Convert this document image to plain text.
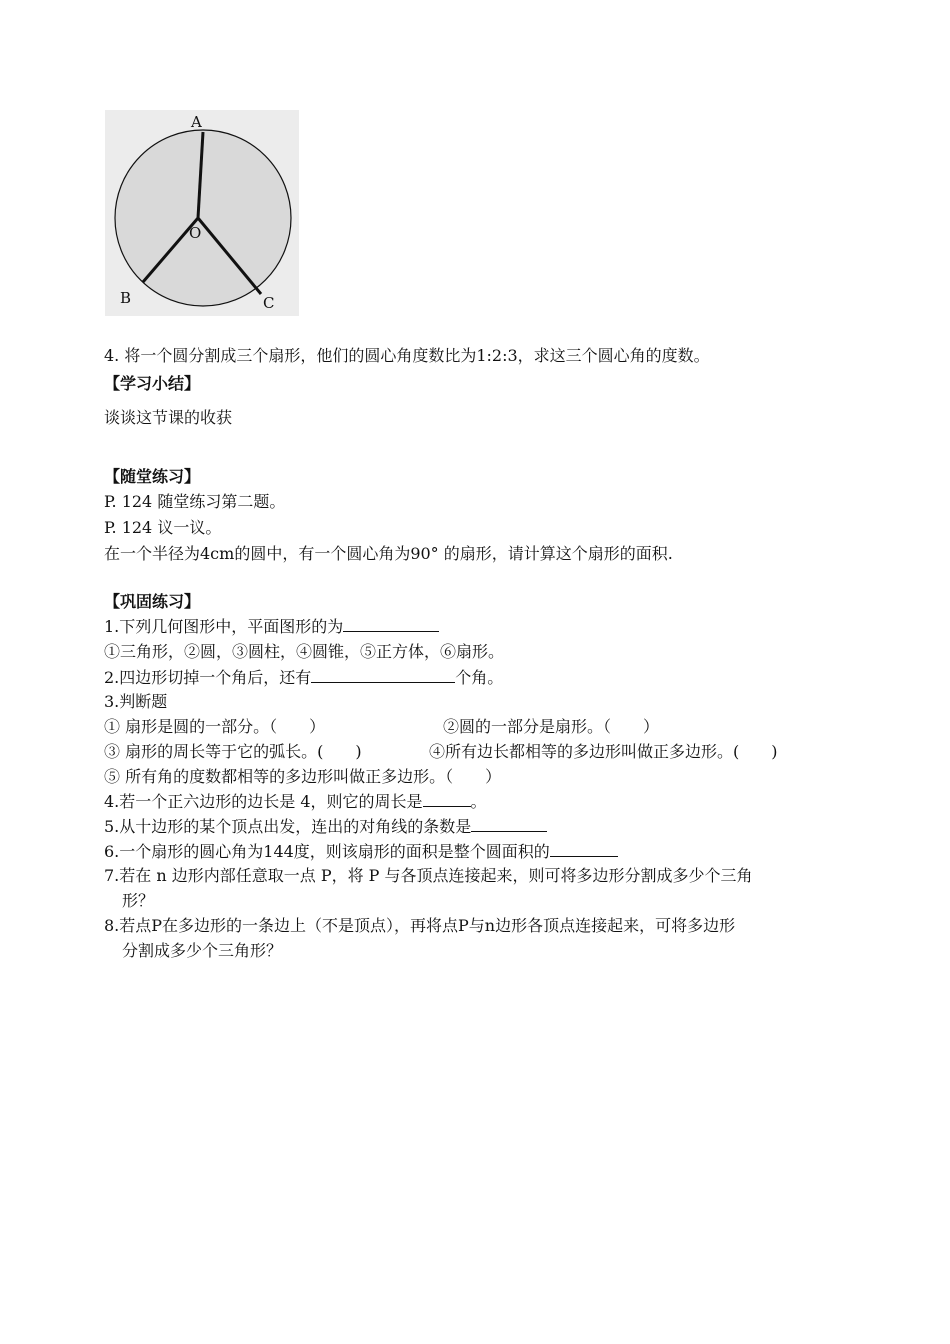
A
O
B	C
4. 将一个圆分割成三个扇形，他们的圆心角度数比为1:2:3，求这三个圆心角的度数。
【学习小结】
谈谈这节课的收获
【随堂练习】
P. 124 随堂练习第二题。
P. 124 议一议。
在一个半径为4cm的圆中，有一个圆心角为90° 的扇形，请计算这个扇形的面积.
【巩固练习】
1.下列几何图形中，平面图形的为
①三角形，②圆，③圆柱，④圆锥，⑤正方体，⑥扇形。
2.四边形切掉一个角后，还有	个角。
3.判断题
① 扇形是圆的一部分。（　　）	②圆的一部分是扇形。（　　）
③ 扇形的周长等于它的弧长。(　　)	④所有边长都相等的多边形叫做正多边形。(　　)
⑤ 所有角的度数都相等的多边形叫做正多边形。（　　）
4.若一个正六边形的边长是 4，则它的周长是	。
5.从十边形的某个顶点出发，连出的对角线的条数是
6.一个扇形的圆心角为144度，则该扇形的面积是整个圆面积的
7.若在 n 边形内部任意取一点 P，将 P 与各顶点连接起来，则可将多边形分割成多少个三角
形？
8.若点P在多边形的一条边上（不是顶点），再将点P与n边形各顶点连接起来，可将多边形
分割成多少个三角形？
